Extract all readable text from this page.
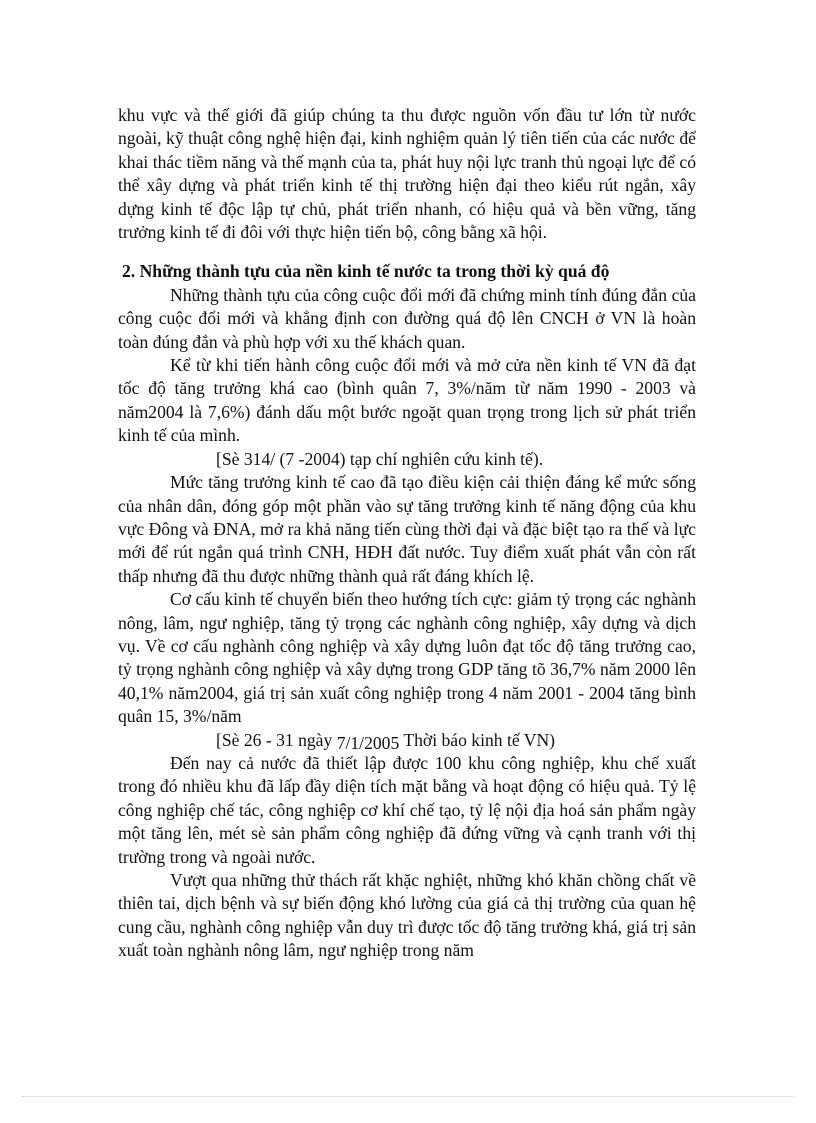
khu vực và thế giới đã giúp chúng ta thu được nguồn vốn đầu tư lớn từ nước ngoài, kỹ thuật công nghệ hiện đại, kinh nghiệm quản lý tiên tiến của các nước để khai thác tiềm năng và thế mạnh của ta, phát huy nội lực tranh thủ ngoại lực để có thể xây dựng và phát triển kinh tế thị trường hiện đại theo kiểu rút ngắn, xây dựng kinh tế độc lập tự chủ, phát triển nhanh, có hiệu quả và bền vững, tăng trưởng kinh tế đi đôi với thực hiện tiến bộ, công bằng xã hội.

2. Những thành tựu của nền kinh tế nước ta trong thời kỳ quá độ

Những thành tựu của công cuộc đổi mới đã chứng minh tính đúng đắn của công cuộc đổi mới và khẳng định con đường quá độ lên CNCH ở VN là hoàn toàn đúng đắn và phù hợp với xu thế khách quan.

Kể từ khi tiến hành công cuộc đổi mới và mở cửa nền kinh tế VN đã đạt tốc độ tăng trưởng khá cao (bình quân 7, 3%/năm từ năm 1990 - 2003 và năm2004 là 7,6%) đánh dấu một bước ngoặt quan trọng trong lịch sử phát triển kinh tế của mình.

[Sè 314/ (7 -2004) tạp chí nghiên cứu kinh tế).

Mức tăng trưởng kinh tế cao đã tạo điều kiện cải thiện đáng kể mức sống của nhân dân, đóng góp một phần vào sự tăng trưởng kinh tế năng động của khu vực Đông và ĐNA, mở ra khả năng tiến cùng thời đại và đặc biệt tạo ra thế và lực mới để rút ngắn quá trình CNH, HĐH đất nước. Tuy điểm xuất phát vẫn còn rất thấp nhưng đã thu được những thành quả rất đáng khích lệ.

Cơ cấu kinh tế chuyển biến theo hướng tích cực: giảm tỷ trọng các nghành nông, lâm, ngư nghiệp, tăng tỷ trọng các nghành công nghiệp, xây dựng và dịch vụ. Về cơ cấu nghành công nghiệp và xây dựng luôn đạt tốc độ tăng trưởng cao, tỷ trọng nghành công nghiệp và xây dựng trong GDP tăng tõ 36,7% năm 2000 lên 40,1% năm2004, giá trị sản xuất công nghiệp trong 4 năm 2001 - 2004 tăng bình quân 15, 3%/năm

[Sè 26 - 31 ngày 7/1/2005 Thời báo kinh tế VN)

Đến nay cả nước đã thiết lập được 100 khu công nghiệp, khu chế xuất trong đó nhiều khu đã lấp đầy diện tích mặt bằng và hoạt động có hiệu quả. Tỷ lệ công nghiệp chế tác, công nghiệp cơ khí chế tạo, tỷ lệ nội địa hoá sản phẩm ngày một tăng lên, mét sè sản phẩm công nghiệp đã đứng vững và cạnh tranh với thị trường trong và ngoài nước.

Vượt qua những thử thách rất khặc nghiệt, những khó khăn chồng chất về thiên tai, dịch bệnh và sự biến động khó lường của giá cả thị trường của quan hệ cung cầu, nghành công nghiệp vẫn duy trì được tốc độ tăng trưởng khá, giá trị sản xuất toàn nghành nông lâm, ngư nghiệp trong năm
